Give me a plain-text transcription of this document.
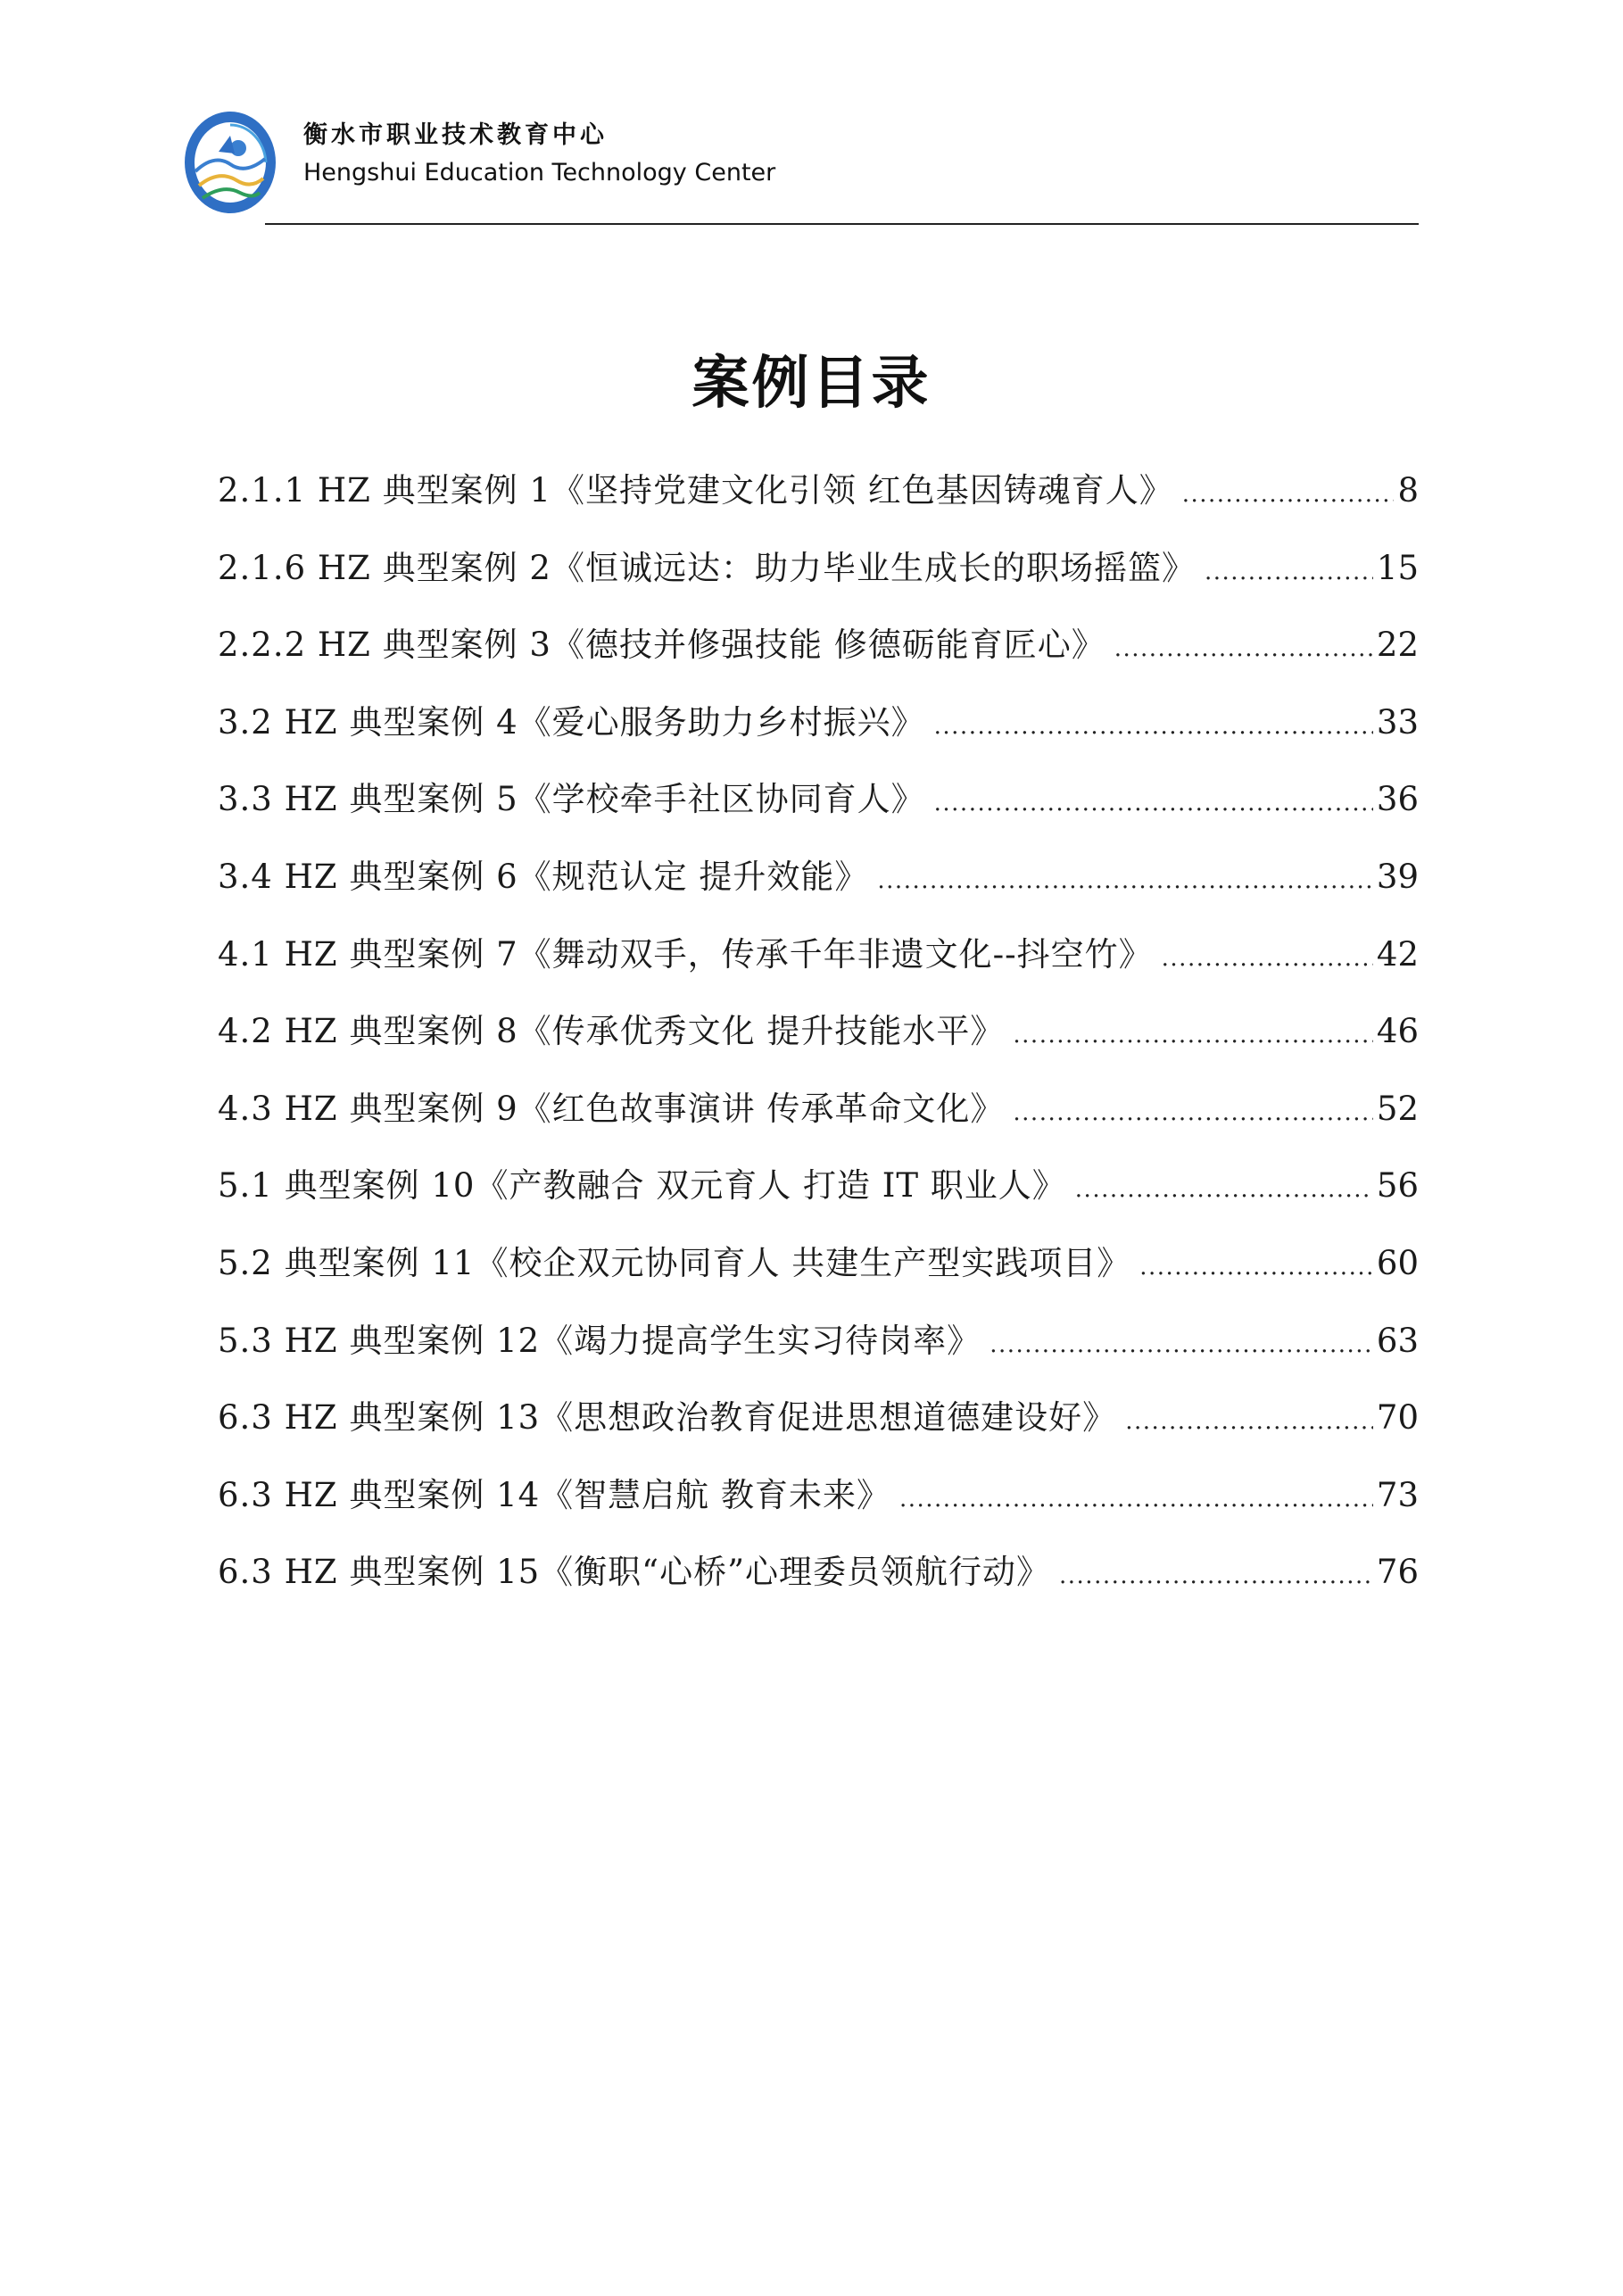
衡水市职业技术教育中心
Hengshui Education Technology Center
案例目录
2.1.1 HZ 典型案例 1《坚持党建文化引领 红色基因铸魂育人》 .....	8
2.1.6 HZ 典型案例 2《恒诚远达：助力毕业生成长的职场摇篮》 .....	15
2.2.2 HZ 典型案例 3《德技并修强技能 修德砺能育匠心》 .....	22
3.2 HZ 典型案例 4《爱心服务助力乡村振兴》 .....	33
3.3 HZ 典型案例 5《学校牵手社区协同育人》 .....	36
3.4 HZ 典型案例 6《规范认定 提升效能》 .....	39
4.1 HZ 典型案例 7《舞动双手，传承千年非遗文化--抖空竹》 .....	42
4.2 HZ 典型案例 8《传承优秀文化 提升技能水平》 .....	46
4.3 HZ 典型案例 9《红色故事演讲 传承革命文化》 .....	52
5.1 典型案例 10《产教融合 双元育人 打造 IT 职业人》 .....	56
5.2 典型案例 11《校企双元协同育人 共建生产型实践项目》 .....	60
5.3 HZ 典型案例 12《竭力提高学生实习待岗率》 .....	63
6.3 HZ 典型案例 13《思想政治教育促进思想道德建设好》 .....	70
6.3 HZ 典型案例 14《智慧启航 教育未来》 .....	73
6.3 HZ 典型案例 15《衡职“心桥”心理委员领航行动》 .....	76
